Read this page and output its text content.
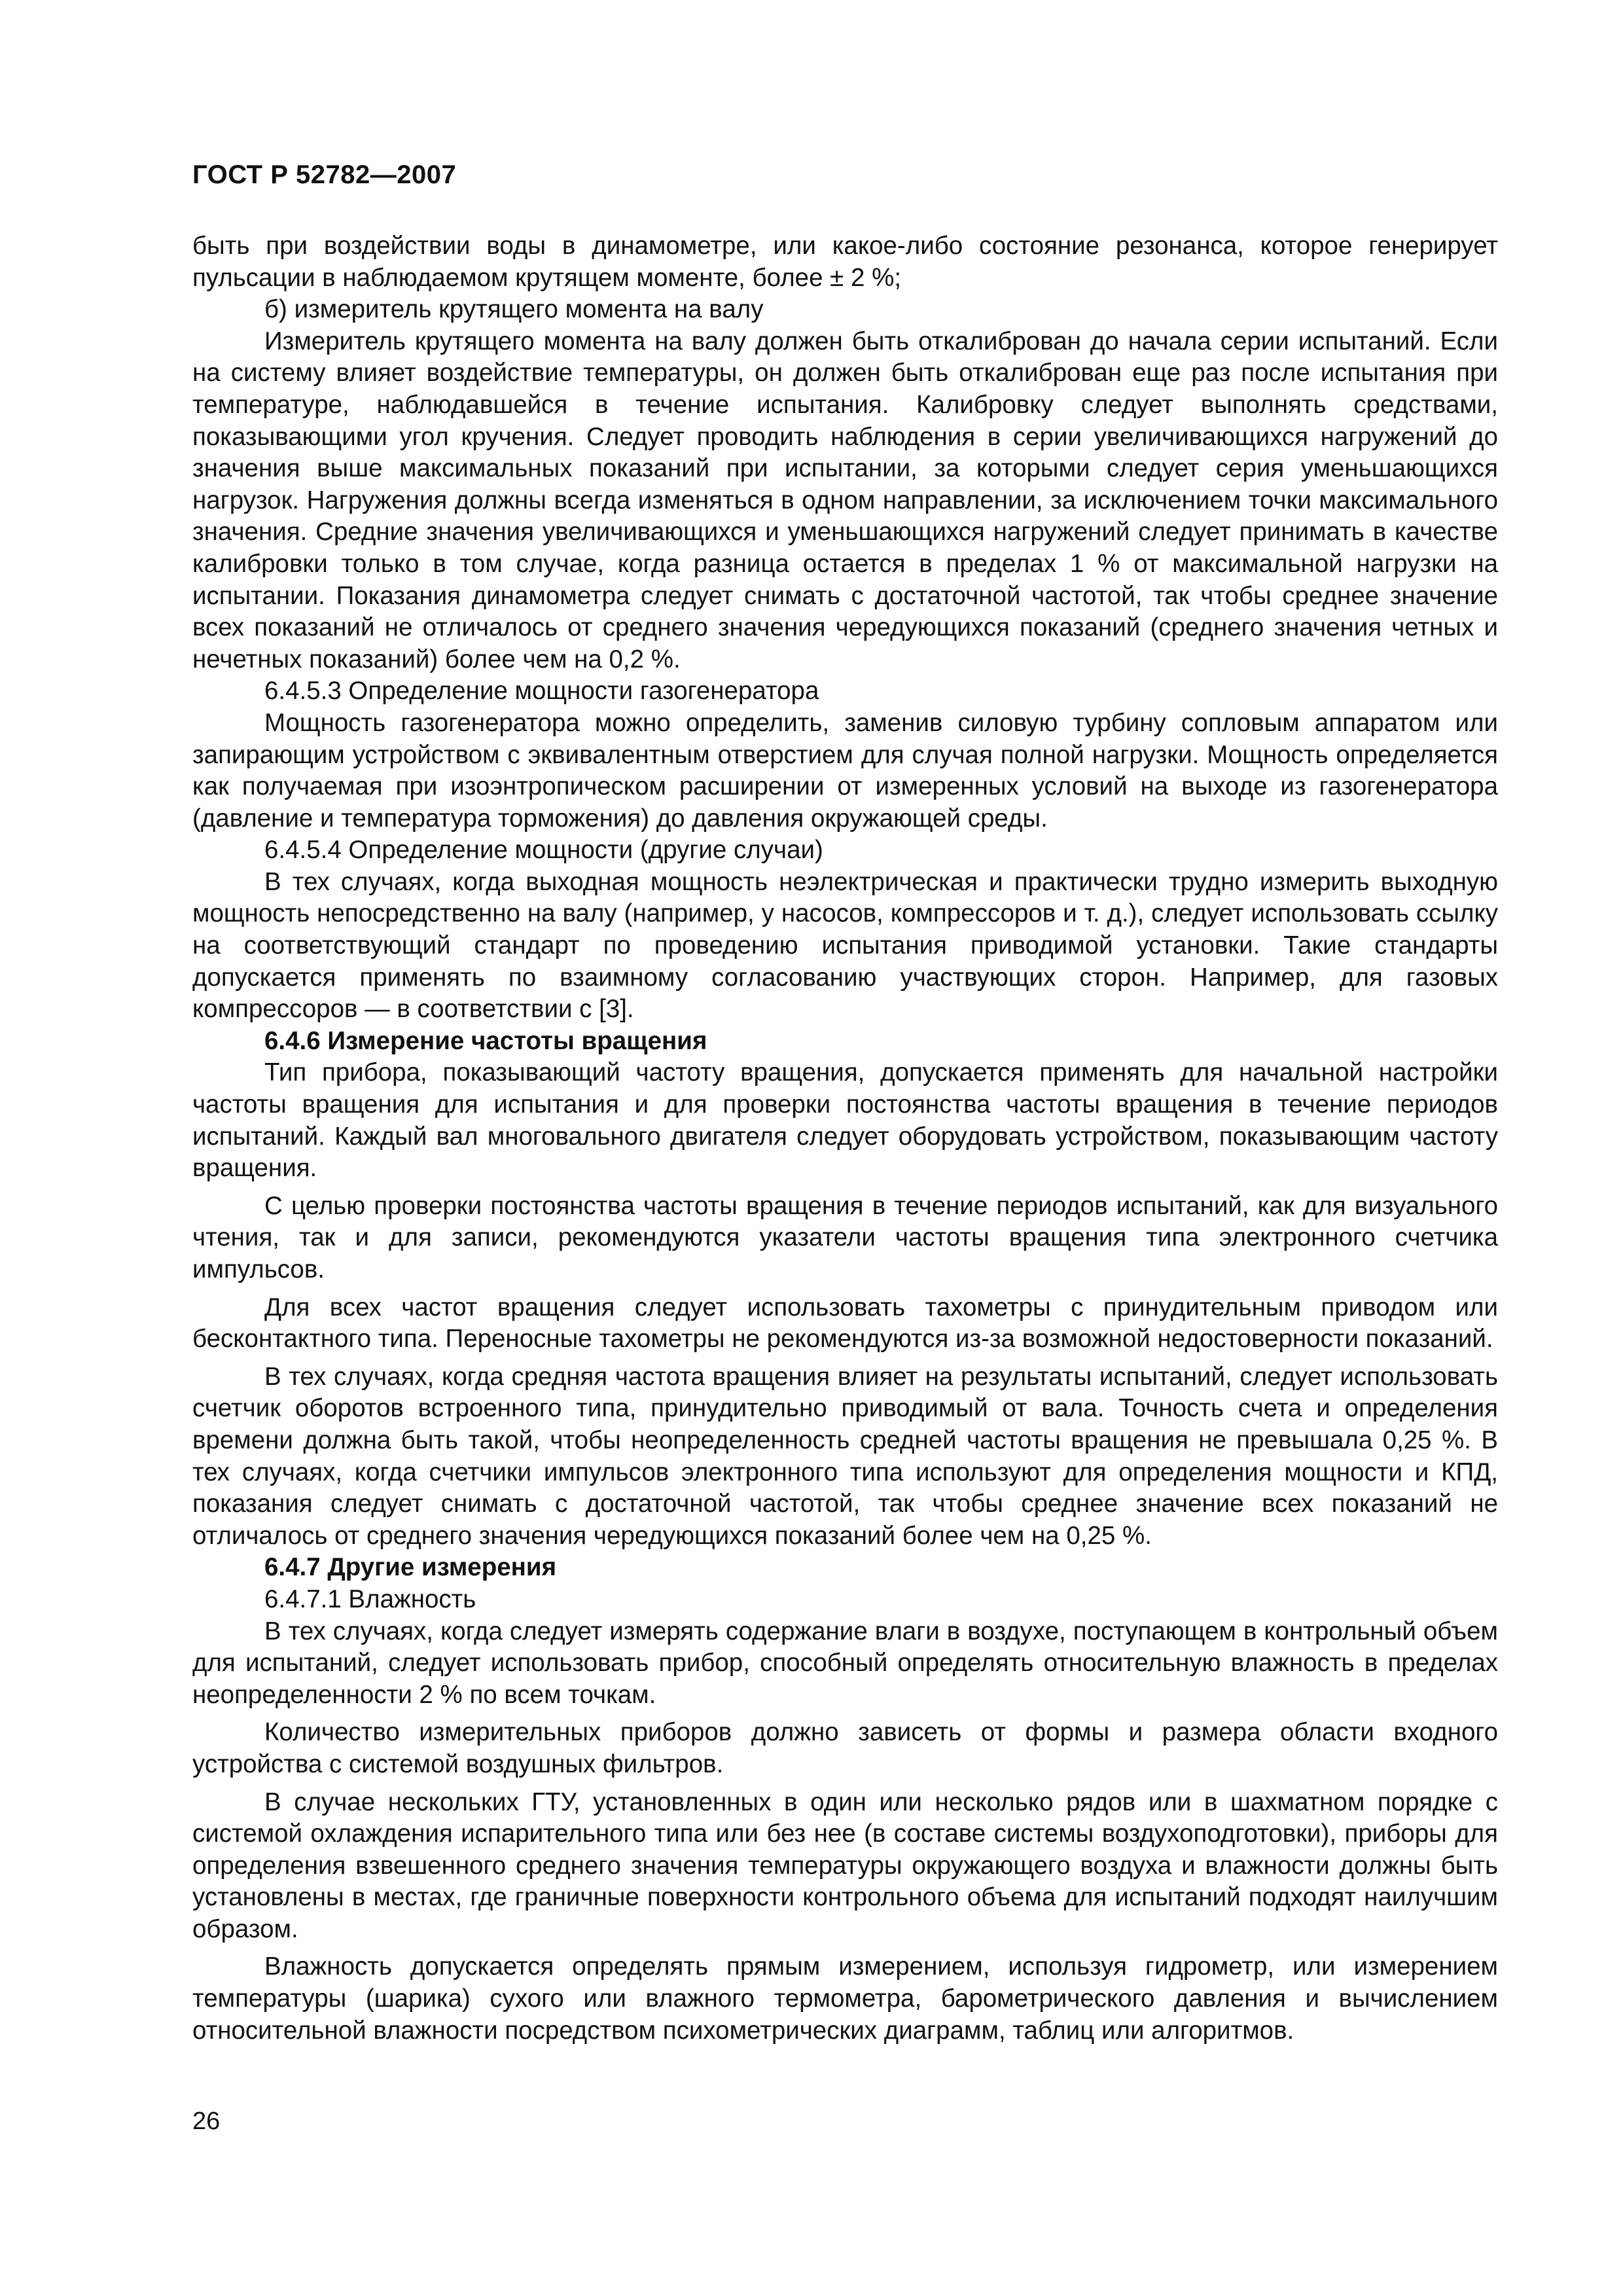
ГОСТ Р 52782—2007

быть при воздействии воды в динамометре, или какое-либо состояние резонанса, которое генерирует пульсации в наблюдаемом крутящем моменте, более ± 2 %;

б) измеритель крутящего момента на валу

Измеритель крутящего момента на валу должен быть откалиброван до начала серии испытаний. Если на систему влияет воздействие температуры, он должен быть откалиброван еще раз после испытания при температуре, наблюдавшейся в течение испытания. Калибровку следует выполнять средствами, показывающими угол кручения. Следует проводить наблюдения в серии увеличивающихся нагружений до значения выше максимальных показаний при испытании, за которыми следует серия уменьшающихся нагрузок. Нагружения должны всегда изменяться в одном направлении, за исключением точки максимального значения. Средние значения увеличивающихся и уменьшающихся нагружений следует принимать в качестве калибровки только в том случае, когда разница остается в пределах 1 % от максимальной нагрузки на испытании. Показания динамометра следует снимать с достаточной частотой, так чтобы среднее значение всех показаний не отличалось от среднего значения чередующихся показаний (среднего значения четных и нечетных показаний) более чем на 0,2 %.

6.4.5.3 Определение мощности газогенератора

Мощность газогенератора можно определить, заменив силовую турбину сопловым аппаратом или запирающим устройством с эквивалентным отверстием для случая полной нагрузки. Мощность определяется как получаемая при изоэнтропическом расширении от измеренных условий на выходе из газогенератора (давление и температура торможения) до давления окружающей среды.

6.4.5.4 Определение мощности (другие случаи)

В тех случаях, когда выходная мощность неэлектрическая и практически трудно измерить выходную мощность непосредственно на валу (например, у насосов, компрессоров и т. д.), следует использовать ссылку на соответствующий стандарт по проведению испытания приводимой установки. Такие стандарты допускается применять по взаимному согласованию участвующих сторон. Например, для газовых компрессоров — в соответствии с [3].

6.4.6 Измерение частоты вращения

Тип прибора, показывающий частоту вращения, допускается применять для начальной настройки частоты вращения для испытания и для проверки постоянства частоты вращения в течение периодов испытаний. Каждый вал многовального двигателя следует оборудовать устройством, показывающим частоту вращения.

С целью проверки постоянства частоты вращения в течение периодов испытаний, как для визуального чтения, так и для записи, рекомендуются указатели частоты вращения типа электронного счетчика импульсов.

Для всех частот вращения следует использовать тахометры с принудительным приводом или бесконтактного типа. Переносные тахометры не рекомендуются из-за возможной недостоверности показаний.

В тех случаях, когда средняя частота вращения влияет на результаты испытаний, следует использовать счетчик оборотов встроенного типа, принудительно приводимый от вала. Точность счета и определения времени должна быть такой, чтобы неопределенность средней частоты вращения не превышала 0,25 %. В тех случаях, когда счетчики импульсов электронного типа используют для определения мощности и КПД, показания следует снимать с достаточной частотой, так чтобы среднее значение всех показаний не отличалось от среднего значения чередующихся показаний более чем на 0,25 %.

6.4.7 Другие измерения

6.4.7.1 Влажность

В тех случаях, когда следует измерять содержание влаги в воздухе, поступающем в контрольный объем для испытаний, следует использовать прибор, способный определять относительную влажность в пределах неопределенности 2 % по всем точкам.

Количество измерительных приборов должно зависеть от формы и размера области входного устройства с системой воздушных фильтров.

В случае нескольких ГТУ, установленных в один или несколько рядов или в шахматном порядке с системой охлаждения испарительного типа или без нее (в составе системы воздухоподготовки), приборы для определения взвешенного среднего значения температуры окружающего воздуха и влажности должны быть установлены в местах, где граничные поверхности контрольного объема для испытаний подходят наилучшим образом.

Влажность допускается определять прямым измерением, используя гидрометр, или измерением температуры (шарика) сухого или влажного термометра, барометрического давления и вычислением относительной влажности посредством психометрических диаграмм, таблиц или алгоритмов.

26
